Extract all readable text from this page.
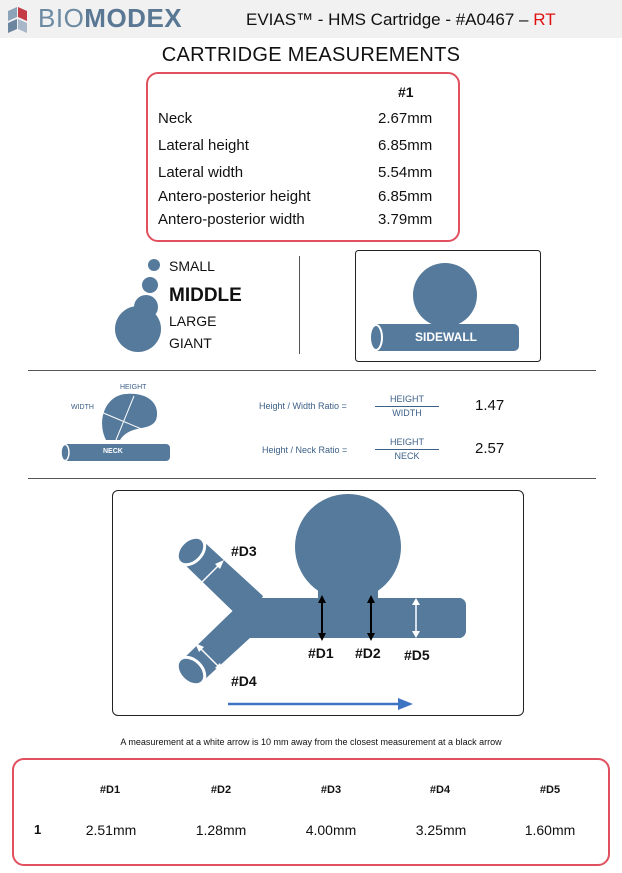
BIOMODEX	EVIAS™ - HMS Cartridge - #A0467 – RT
CARTRIDGE MEASUREMENTS
#1
Neck	2.67mm
Lateral height	6.85mm
Lateral width	5.54mm
Antero-posterior height	6.85mm
Antero-posterior width	3.79mm
SMALL
MIDDLE
LARGE
GIANT	SIDEWALL
HEIGHT
WIDTH
NECK
Height / Width Ratio =
HEIGHT
WIDTH	1.47
Height / Neck Ratio =
HEIGHT
NECK	2.57
#D1 #D2
#D3
#D4
#D5
A measurement at a white arrow is 10 mm away from the closest measurement at a black arrow
#D1	#D2	#D3	#D4	#D5
1	2.51mm	1.28mm	4.00mm	3.25mm	1.60mm
